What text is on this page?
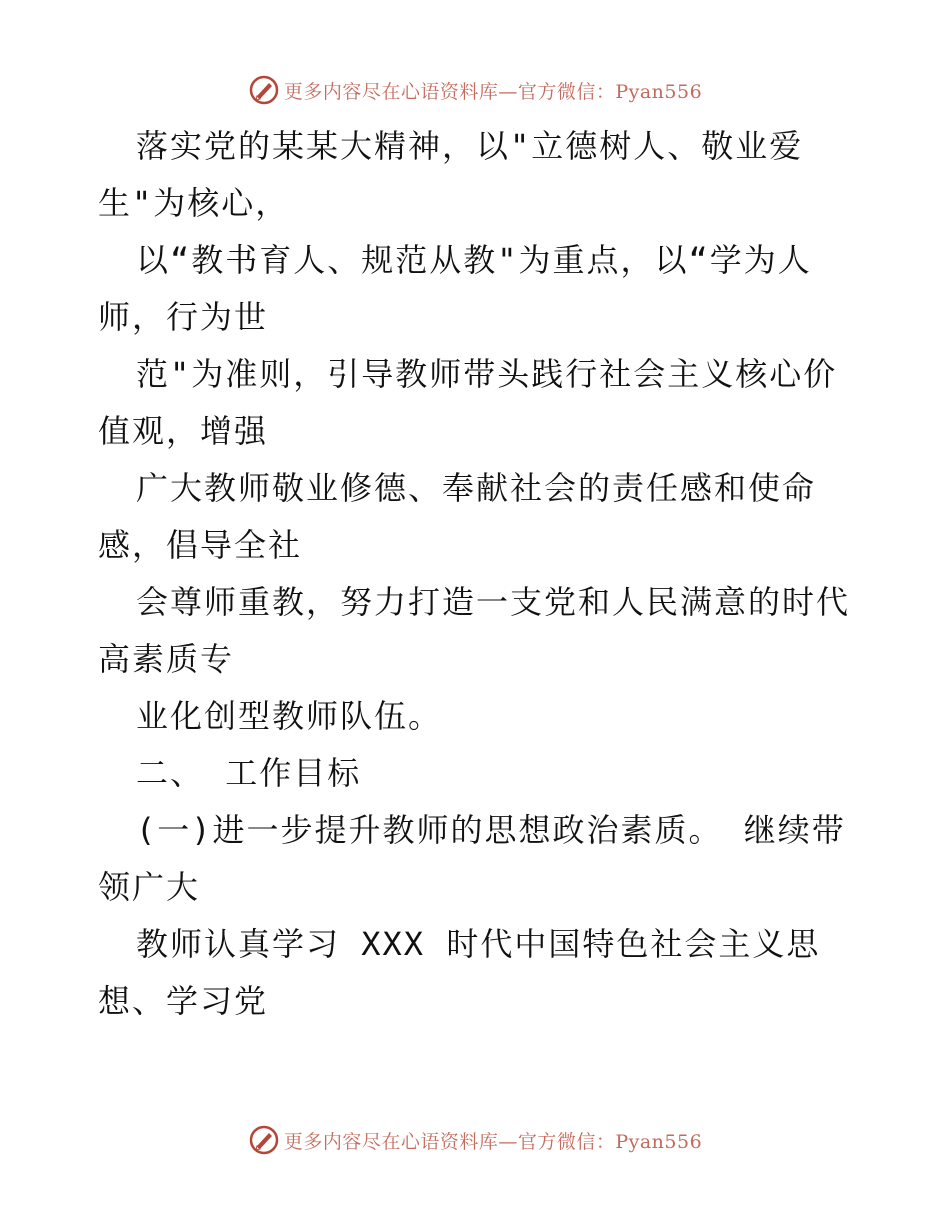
更多内容尽在心语资料库—官方微信：Pyan556
落实党的某某大精神，以"立德树人、敬业爱
生"为核心，
以“教书育人、规范从教"为重点，以“学为人
师，行为世
范"为准则，引导教师带头践行社会主义核心价
值观，增强
广大教师敬业修德、奉献社会的责任感和使命
感，倡导全社
会尊师重教，努力打造一支党和人民满意的时代
高素质专
业化创型教师队伍。
二、 工作目标
(一)进一步提升教师的思想政治素质。 继续带
领广大
教师认真学习 XXX 时代中国特色社会主义思
想、学习党
更多内容尽在心语资料库—官方微信：Pyan556
